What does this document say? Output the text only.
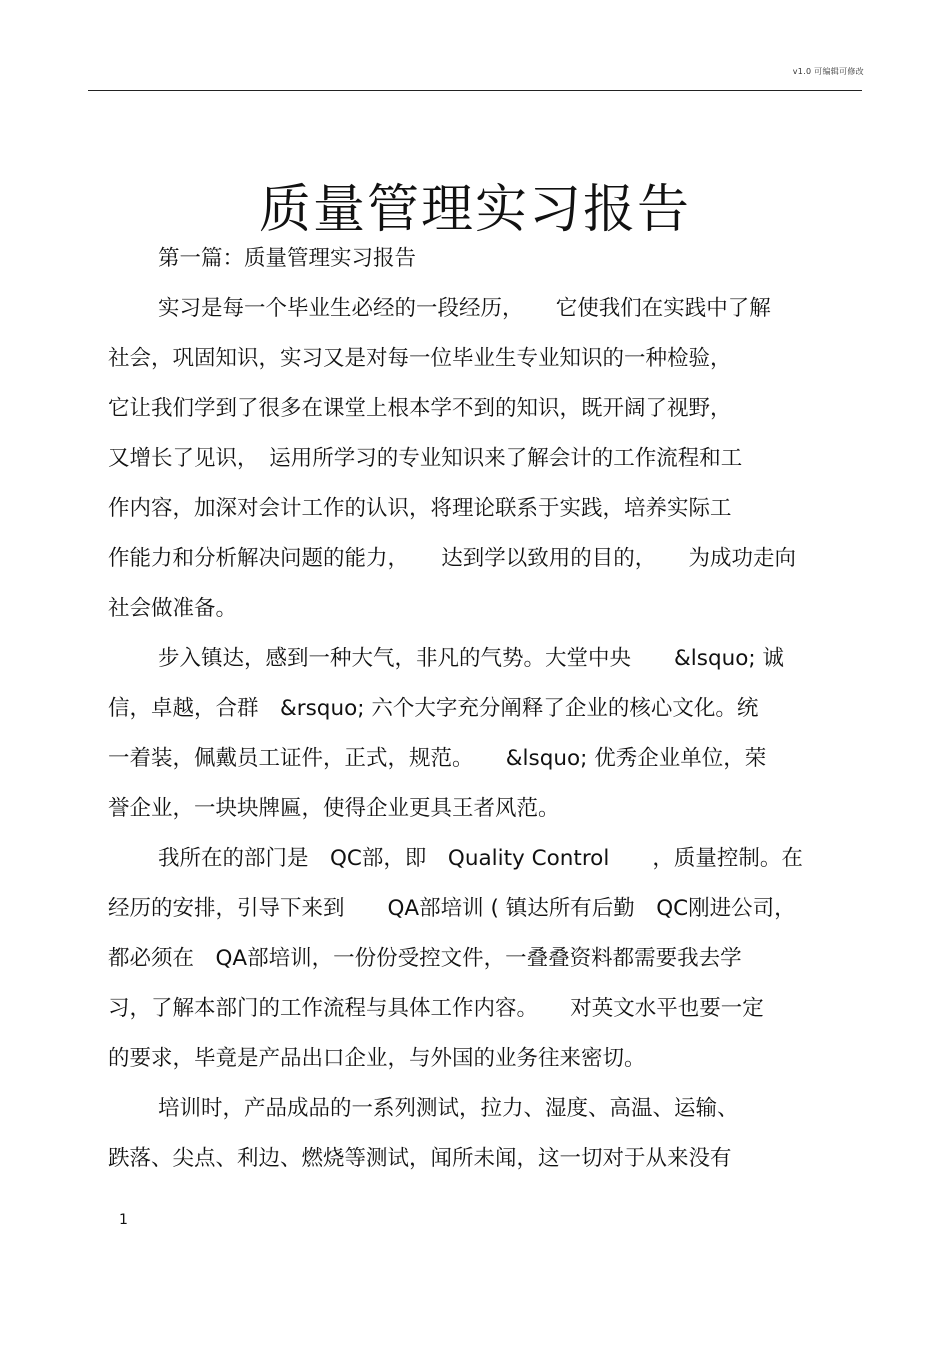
v1.0 可编辑可修改
质量管理实习报告
第一篇：质量管理实习报告
实习是每一个毕业生必经的一段经历，　　它使我们在实践中了解
社会，巩固知识，实习又是对每一位毕业生专业知识的一种检验，
它让我们学到了很多在课堂上根本学不到的知识，既开阔了视野，
又增长了见识，　运用所学习的专业知识来了解会计的工作流程和工
作内容，加深对会计工作的认识，将理论联系于实践，培养实际工
作能力和分析解决问题的能力，　　达到学以致用的目的，　　为成功走向
社会做准备。
步入镇达，感到一种大气，非凡的气势。大堂中央　　&lsquo; 诚
信，卓越，合群　&rsquo; 六个大字充分阐释了企业的核心文化。统
一着装，佩戴员工证件，正式，规范。　　&lsquo; 优秀企业单位，荣
誉企业，一块块牌匾，使得企业更具王者风范。
我所在的部门是　QC部，即　Quality Control　　，质量控制。在
经历的安排，引导下来到　　QA部培训 ( 镇达所有后勤　QC刚进公司，
都必须在　QA部培训，一份份受控文件，一叠叠资料都需要我去学
习，了解本部门的工作流程与具体工作内容。　　对英文水平也要一定
的要求，毕竟是产品出口企业，与外国的业务往来密切。
培训时，产品成品的一系列测试，拉力、湿度、高温、运输、
跌落、尖点、利边、燃烧等测试，闻所未闻，这一切对于从来没有
1
